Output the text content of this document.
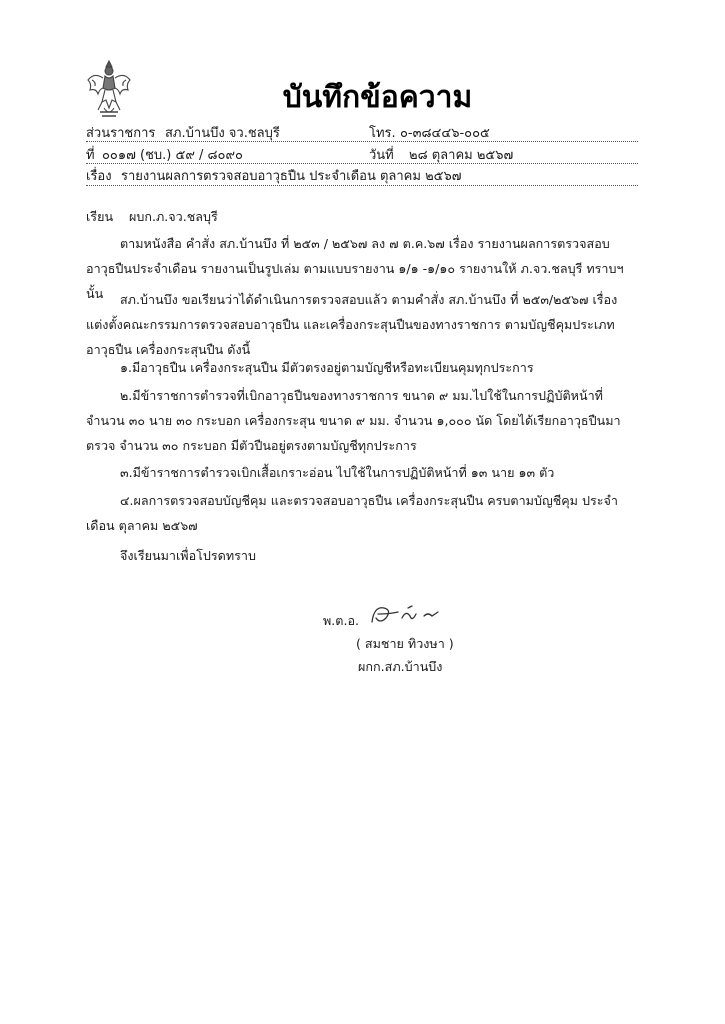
บันทึกข้อความ
ส่วนราชการ สภ.บ้านบึง จว.ชลบุรี	โทร. ๐-๓๘๔๔๖-๐๐๕
ที่ ๐๐๑๗ (ชบ.) ๕๙ / ๘๐๙๐	วันที่ ๒๘ ตุลาคม ๒๕๖๗
เรื่อง รายงานผลการตรวจสอบอาวุธปืน ประจำเดือน ตุลาคม ๒๕๖๗
เรียน ผบก.ภ.จว.ชลบุรี
ตามหนังสือ คำสั่ง สภ.บ้านบึง ที่ ๒๕๓ / ๒๕๖๗ ลง ๗ ต.ค.๖๗ เรื่อง รายงานผลการตรวจสอบอาวุธปืนประจำเดือน รายงานเป็นรูปเล่ม ตามแบบรายงาน ๑/๑ -๑/๑๐ รายงานให้ ภ.จว.ชลบุรี ทราบฯ นั้น	สภ.บ้านบึง ขอเรียนว่าได้ดำเนินการตรวจสอบแล้ว ตามคำสั่ง สภ.บ้านบึง ที่ ๒๕๓/๒๕๖๗ เรื่องแต่งตั้งคณะกรรมการตรวจสอบอาวุธปืน และเครื่องกระสุนปืนของทางราชการ ตามบัญชีคุมประเภทอาวุธปืน เครื่องกระสุนปืน ดังนี้
๑.มีอาวุธปืน เครื่องกระสุนปืน มีตัวตรงอยู่ตามบัญชีหรือทะเบียนคุมทุกประการ
๒.มีข้าราชการตำรวจที่เบิกอาวุธปืนของทางราชการ ขนาด ๙ มม.ไปใช้ในการปฏิบัติหน้าที่ จำนวน ๓๐ นาย ๓๐ กระบอก เครื่องกระสุน ขนาด ๙ มม. จำนวน ๑,๐๐๐ นัด โดยได้เรียกอาวุธปืนมาตรวจ จำนวน ๓๐ กระบอก มีตัวปืนอยู่ตรงตามบัญชีทุกประการ
๓.มีข้าราชการตำรวจเบิกเสื้อเกราะอ่อน ไปใช้ในการปฏิบัติหน้าที่ ๑๓ นาย ๑๓ ตัว
๔.ผลการตรวจสอบบัญชีคุม และตรวจสอบอาวุธปืน เครื่องกระสุนปืน ครบตามบัญชีคุม ประจำเดือน ตุลาคม ๒๕๖๗
จึงเรียนมาเพื่อโปรดทราบ
พ.ต.อ.
( สมชาย ทิวงษา )
ผกก.สภ.บ้านบึง
